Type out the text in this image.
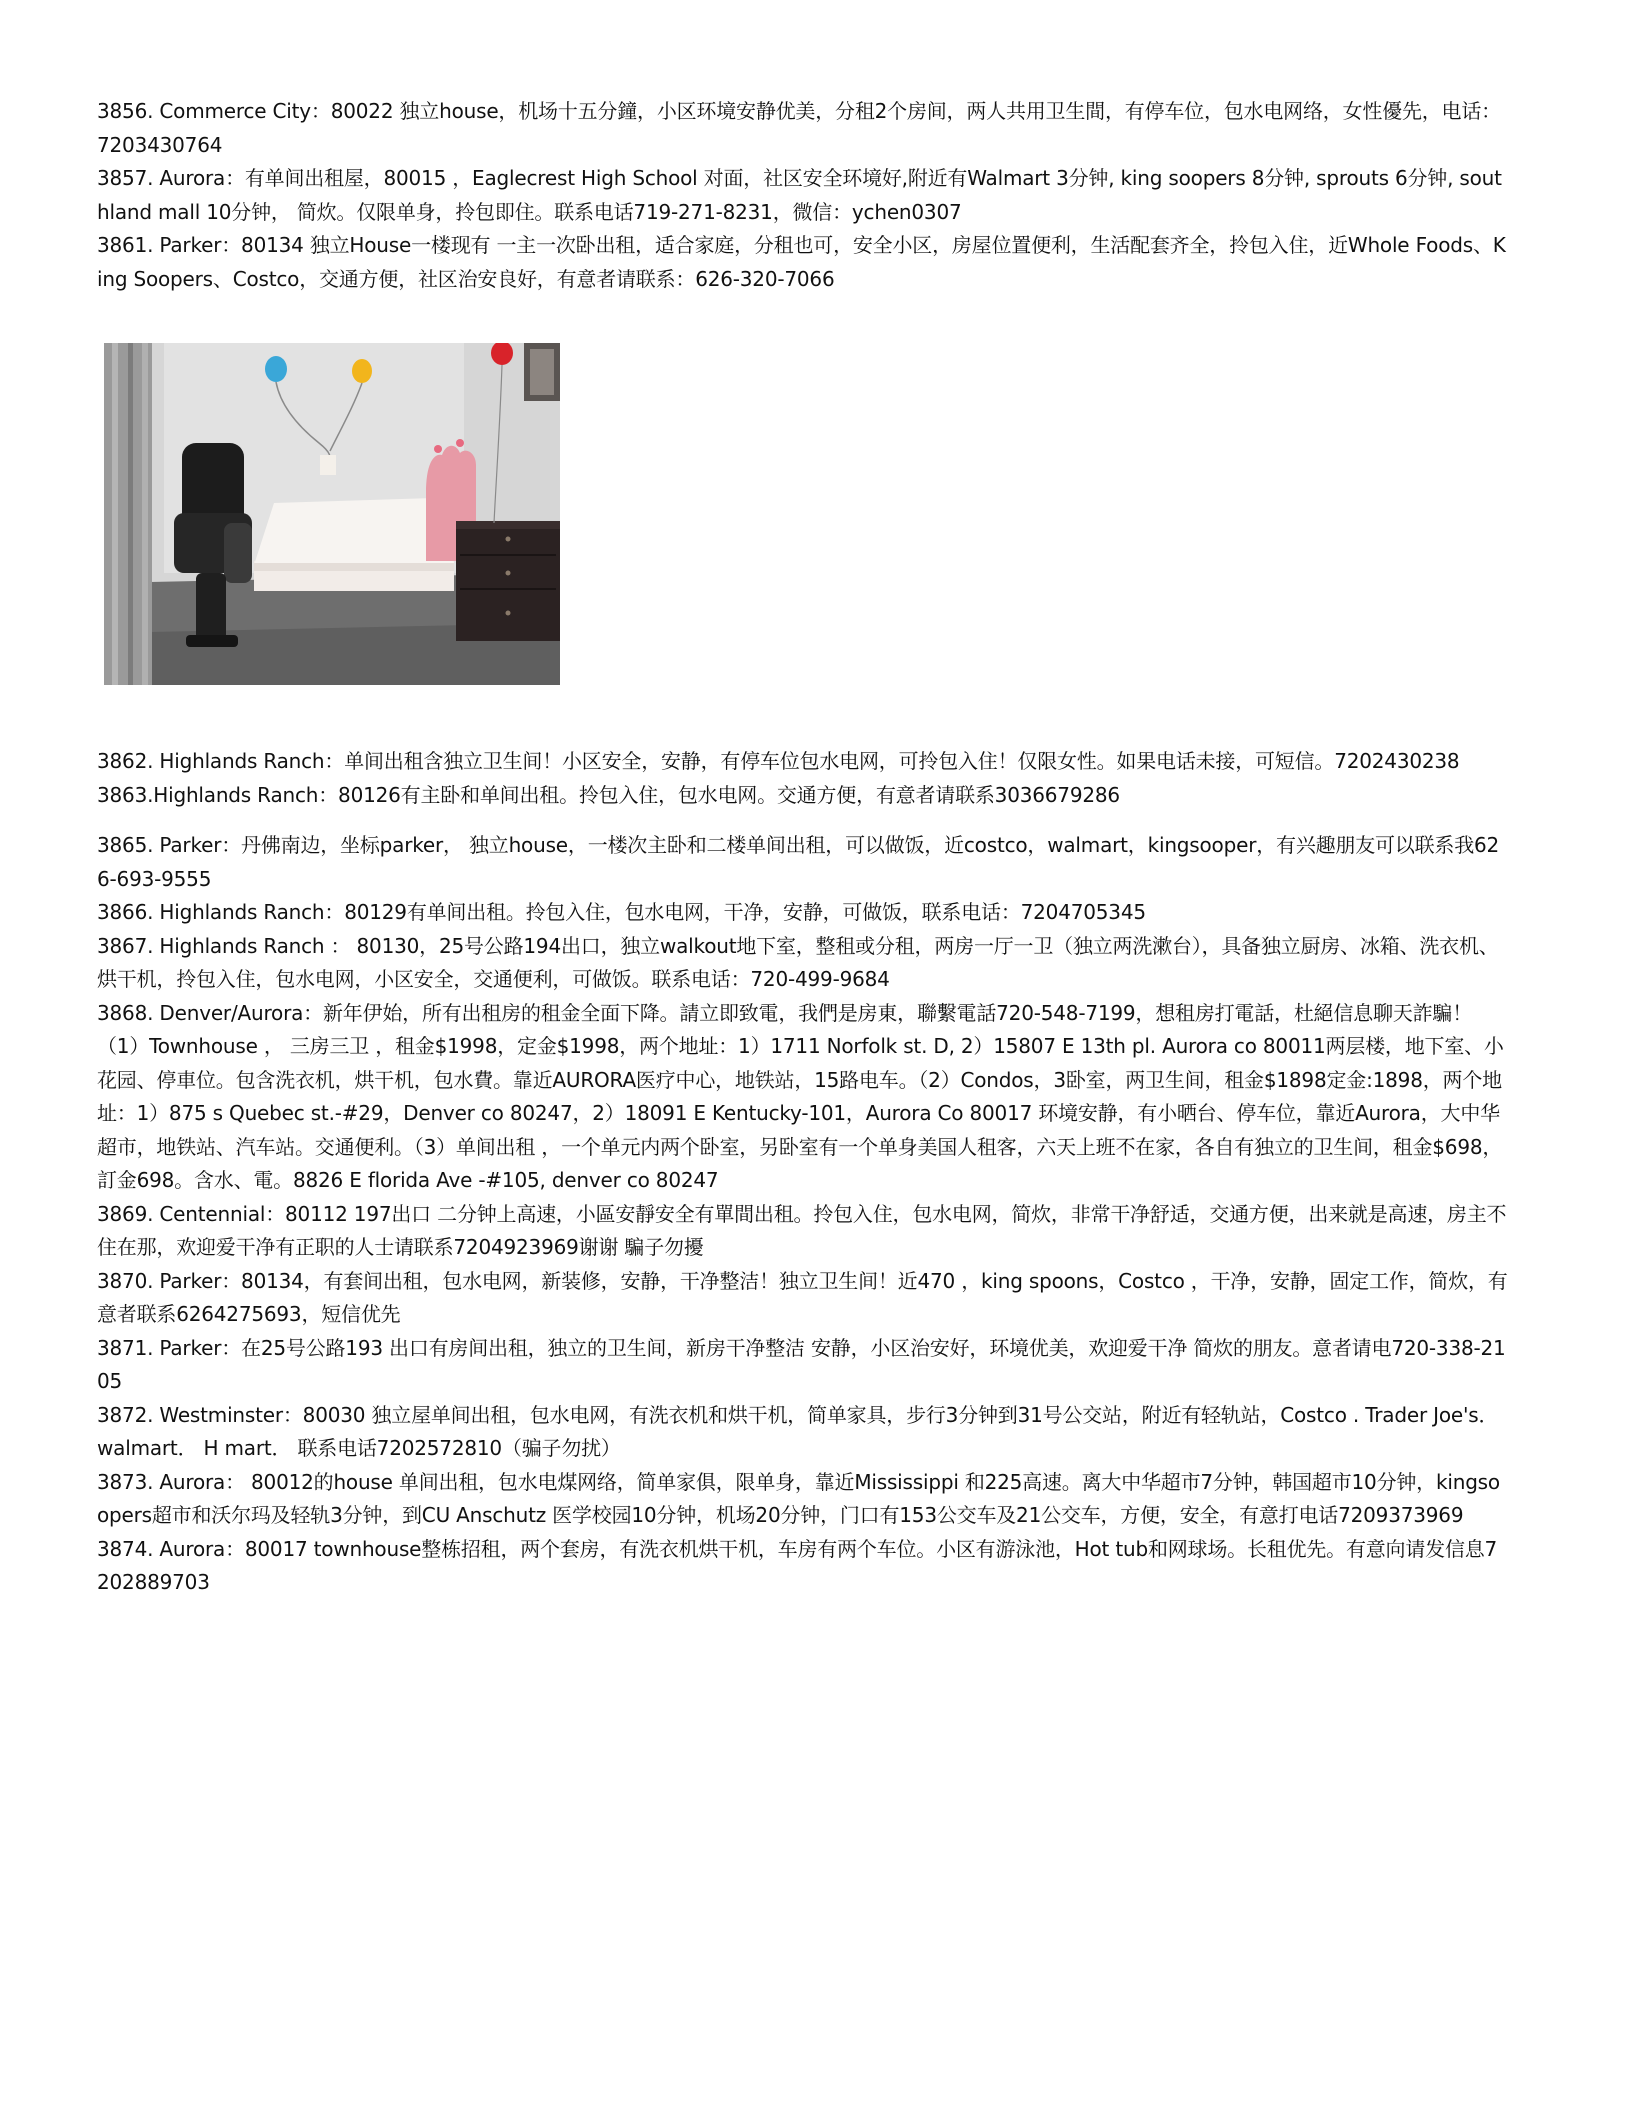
3856. Commerce City：80022 独立house，机场十五分鐘，小区环境安静优美，分租2个房间，两人共用卫生間，有停车位，包水电网络，女性優先，电话：7203430764

3857. Aurora：有单间出租屋，80015 ，Eaglecrest High School 对面，社区安全环境好,附近有Walmart 3分钟, king soopers 8分钟, sprouts 6分钟, southland mall 10分钟， 简炊。仅限单身，拎包即住。联系电话719-271-8231，微信：ychen0307

3861. Parker：80134 独立House一楼现有 一主一次卧出租，适合家庭，分租也可，安全小区，房屋位置便利，生活配套齐全，拎包入住，近Whole Foods、King Soopers、Costco，交通方便，社区治安良好，有意者请联系：626-320-7066

3862. Highlands Ranch：单间出租含独立卫生间！小区安全，安静，有停车位包水电网，可拎包入住！仅限女性。如果电话未接，可短信。7202430238

3863.Highlands Ranch：80126有主卧和单间出租。拎包入住，包水电网。交通方便，有意者请联系3036679286

3865. Parker：丹佛南边，坐标parker， 独立house，一楼次主卧和二楼单间出租，可以做饭，近costco，walmart，kingsooper，有兴趣朋友可以联系我626-693-9555

3866. Highlands Ranch：80129有单间出租。拎包入住，包水电网，干净，安静，可做饭，联系电话：7204705345

3867. Highlands Ranch ： 80130，25号公路194出口，独立walkout地下室，整租或分租，两房一厅一卫（独立两洗漱台），具备独立厨房、冰箱、洗衣机、烘干机，拎包入住，包水电网，小区安全，交通便利，可做饭。联系电话：720-499-9684

3868. Denver/Aurora：新年伊始，所有出租房的租金全面下降。請立即致電，我們是房東，聯繫電話720-548-7199，想租房打電話，杜絕信息聊天詐騙！（1）Townhouse ， 三房三卫 ，租金$1998，定金$1998，两个地址：1）1711 Norfolk st. D, 2）15807 E 13th pl. Aurora co 80011两层楼，地下室、小花园、停車位。包含洗衣机，烘干机，包水費。靠近AURORA医疗中心，地铁站，15路电车。（2）Condos，3卧室，两卫生间，租金$1898定金:1898，两个地址：1）875 s Quebec st.-#29，Denver co 80247，2）18091 E Kentucky-101，Aurora Co 80017 环境安静，有小晒台、停车位，靠近Aurora，大中华超市，地铁站、汽车站。交通便利。（3）单间出租 ，一个单元内两个卧室，另卧室有一个单身美国人租客，六天上班不在家，各自有独立的卫生间，租金$698，訂金698。含水、電。8826 E florida Ave -#105, denver co 80247

3869. Centennial：80112 197出口 二分钟上高速，小區安靜安全有單間出租。拎包入住，包水电网，简炊，非常干净舒适，交通方便，出来就是高速，房主不住在那，欢迎爱干净有正职的人士请联系7204923969谢谢 騙子勿擾

3870. Parker：80134，有套间出租，包水电网，新装修，安静，干净整洁！独立卫生间！近470 ，king spoons，Costco ，干净，安静，固定工作，简炊，有意者联系6264275693，短信优先

3871. Parker：在25号公路193 出口有房间出租，独立的卫生间，新房干净整洁 安静，小区治安好，环境优美，欢迎爱干净 简炊的朋友。意者请电720-338-2105

3872. Westminster：80030 独立屋单间出租，包水电网，有洗衣机和烘干机，简单家具，步行3分钟到31号公交站，附近有轻轨站，Costco . Trader Joe's．walmart． H mart． 联系电话7202572810（骗子勿扰）

3873. Aurora： 80012的house 单间出租，包水电煤网络，简单家俱，限单身，靠近Mississippi 和225高速。离大中华超市7分钟，韩国超市10分钟，kingsoopers超市和沃尔玛及轻轨3分钟，到CU Anschutz 医学校园10分钟，机场20分钟，门口有153公交车及21公交车，方便，安全，有意打电话7209373969

3874. Aurora：80017 townhouse整栋招租，两个套房，有洗衣机烘干机，车房有两个车位。小区有游泳池，Hot tub和网球场。长租优先。有意向请发信息7202889703
